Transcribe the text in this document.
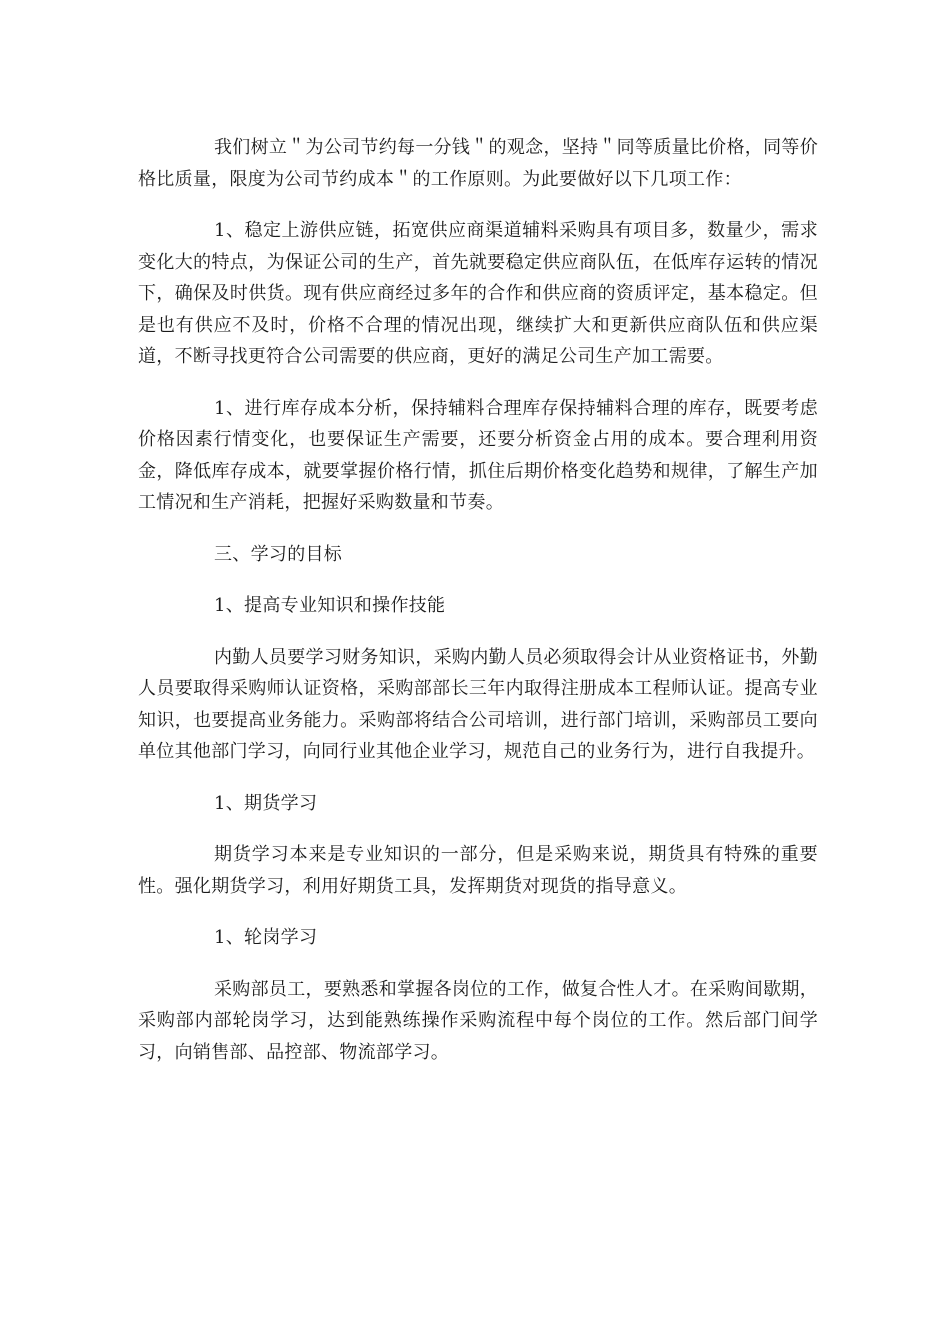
我们树立＂为公司节约每一分钱＂的观念，坚持＂同等质量比价格，同等价格比质量，限度为公司节约成本＂的工作原则。为此要做好以下几项工作：

1、稳定上游供应链，拓宽供应商渠道辅料采购具有项目多，数量少，需求变化大的特点，为保证公司的生产，首先就要稳定供应商队伍，在低库存运转的情况下，确保及时供货。现有供应商经过多年的合作和供应商的资质评定，基本稳定。但是也有供应不及时，价格不合理的情况出现，继续扩大和更新供应商队伍和供应渠道，不断寻找更符合公司需要的供应商，更好的满足公司生产加工需要。

1、进行库存成本分析，保持辅料合理库存保持辅料合理的库存，既要考虑价格因素行情变化，也要保证生产需要，还要分析资金占用的成本。要合理利用资金，降低库存成本，就要掌握价格行情，抓住后期价格变化趋势和规律，了解生产加工情况和生产消耗，把握好采购数量和节奏。

三、学习的目标

1、提高专业知识和操作技能

内勤人员要学习财务知识，采购内勤人员必须取得会计从业资格证书，外勤人员要取得采购师认证资格，采购部部长三年内取得注册成本工程师认证。提高专业知识，也要提高业务能力。采购部将结合公司培训，进行部门培训，采购部员工要向单位其他部门学习，向同行业其他企业学习，规范自己的业务行为，进行自我提升。

1、期货学习

期货学习本来是专业知识的一部分，但是采购来说，期货具有特殊的重要性。强化期货学习，利用好期货工具，发挥期货对现货的指导意义。

1、轮岗学习

采购部员工，要熟悉和掌握各岗位的工作，做复合性人才。在采购间歇期，采购部内部轮岗学习，达到能熟练操作采购流程中每个岗位的工作。然后部门间学习，向销售部、品控部、物流部学习。
